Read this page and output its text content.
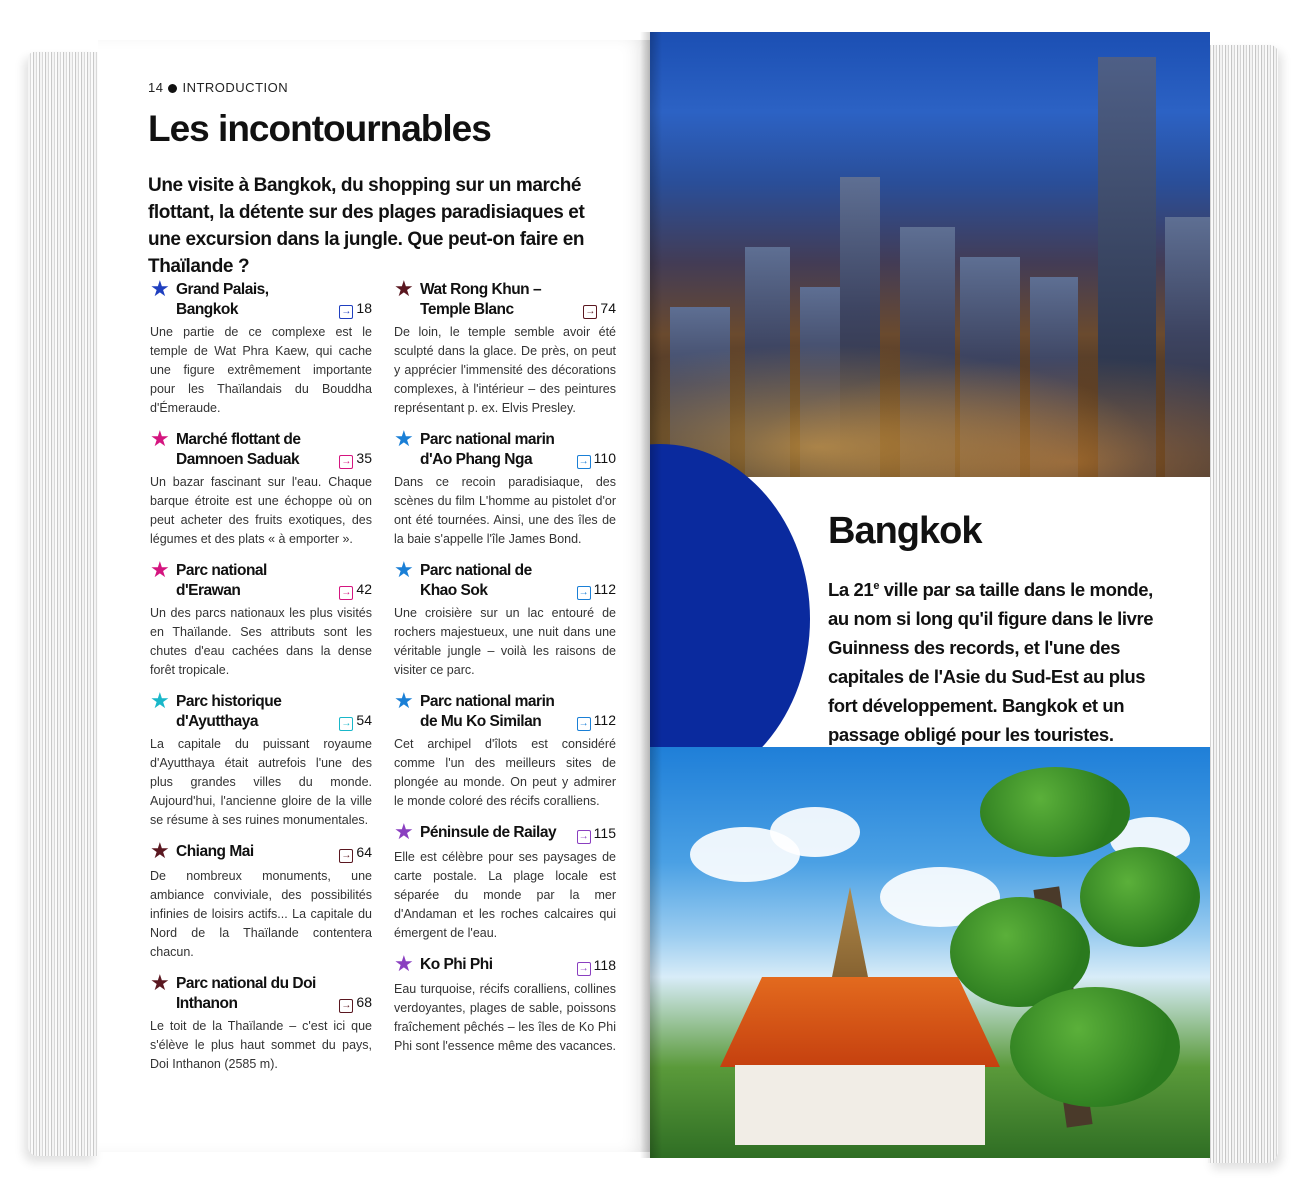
14 INTRODUCTION
Les incontournables

Une visite à Bangkok, du shopping sur un marché flottant, la détente sur des plages paradisiaques et une excursion dans la jungle. Que peut-on faire en Thaïlande ?

★ Grand Palais, Bangkok	→ 18

Une partie de ce complexe est le temple de Wat Phra Kaew, qui cache une figure extrêmement importante pour les Thaïlandais du Bouddha d'Émeraude.

★ Marché flottant de Damnoen Saduak	→ 35

Un bazar fascinant sur l'eau. Chaque barque étroite est une échoppe où on peut acheter des fruits exotiques, des légumes et des plats « à emporter ».

★ Parc national d'Erawan	→ 42

Un des parcs nationaux les plus visités en Thaïlande. Ses attributs sont les chutes d'eau cachées dans la dense forêt tropicale.

★ Parc historique d'Ayutthaya	→ 54

La capitale du puissant royaume d'Ayutthaya était autrefois l'une des plus grandes villes du monde. Aujourd'hui, l'ancienne gloire de la ville se résume à ses ruines monumentales.

★ Chiang Mai	→ 64

De nombreux monuments, une ambiance conviviale, des possibilités infinies de loisirs actifs... La capitale du Nord de la Thaïlande contentera chacun.

★ Parc national du Doi Inthanon	→ 68

Le toit de la Thaïlande – c'est ici que s'élève le plus haut sommet du pays, Doi Inthanon (2585 m).

★ Wat Rong Khun – Temple Blanc	→ 74

De loin, le temple semble avoir été sculpté dans la glace. De près, on peut y apprécier l'immensité des décorations complexes, à l'intérieur – des peintures représentant p. ex. Elvis Presley.

★ Parc national marin d'Ao Phang Nga	→ 110

Dans ce recoin paradisiaque, des scènes du film L'homme au pistolet d'or ont été tournées. Ainsi, une des îles de la baie s'appelle l'île James Bond.

★ Parc national de Khao Sok	→ 112

Une croisière sur un lac entouré de rochers majestueux, une nuit dans une véritable jungle – voilà les raisons de visiter ce parc.

★ Parc national marin de Mu Ko Similan	→ 112

Cet archipel d'îlots est considéré comme l'un des meilleurs sites de plongée au monde. On peut y admirer le monde coloré des récifs coralliens.

★ Péninsule de Railay	→ 115

Elle est célèbre pour ses paysages de carte postale. La plage locale est séparée du monde par la mer d'Andaman et les roches calcaires qui émergent de l'eau.

★ Ko Phi Phi	→ 118

Eau turquoise, récifs coralliens, collines verdoyantes, plages de sable, poissons fraîchement pêchés – les îles de Ko Phi Phi sont l'essence même des vacances.

Bangkok

La 21e ville par sa taille dans le monde, au nom si long qu'il figure dans le livre Guinness des records, et l'une des capitales de l'Asie du Sud-Est au plus fort développement. Bangkok et un passage obligé pour les touristes.
